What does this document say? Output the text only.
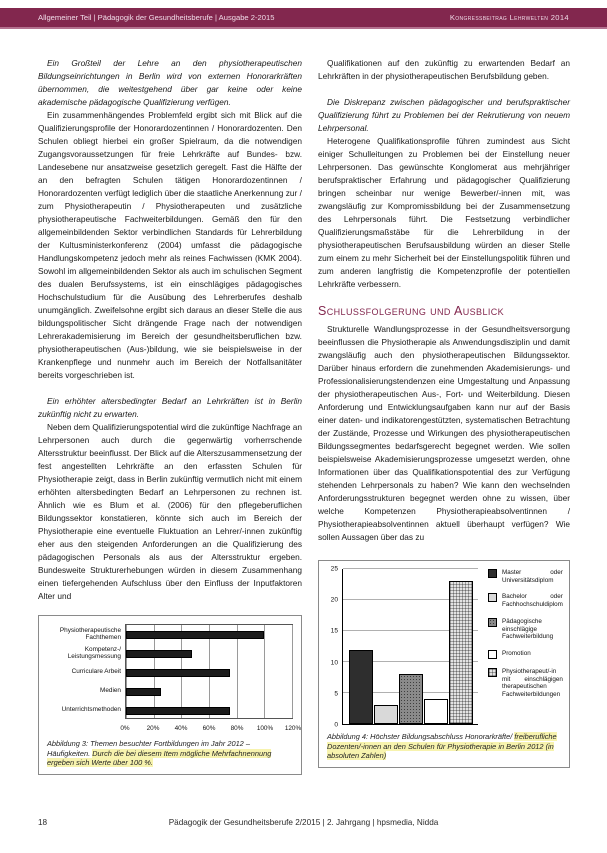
Allgemeiner Teil | Pädagogik der Gesundheitsberufe | Ausgabe 2-2015	Kongressbeitrag Lehrwelten 2014

Ein Großteil der Lehre an den physiotherapeutischen Bildungseinrichtungen in Berlin wird von externen Honorarkräften übernommen, die weitestgehend über gar keine oder keine akademische pädagogische Qualifizierung verfügen.

Ein zusammenhängendes Problemfeld ergibt sich mit Blick auf die Qualifizierungsprofile der Honorardozentinnen / Honorardozenten. Den Schulen obliegt hierbei ein großer Spielraum, da die notwendigen Zugangsvoraussetzungen für freie Lehrkräfte auf Bundes- bzw. Landesebene nur ansatzweise gesetzlich geregelt. Fast die Hälfte der an den befragten Schulen tätigen Honorardozentinnen / Honorardozenten verfügt lediglich über die staatliche Anerkennung zur / zum Physiotherapeutin / Physiotherapeuten und zusätzliche physiotherapeutische Fachweiterbildungen. Gemäß den für den allgemeinbildenden Sektor verbindlichen Standards für Lehrerbildung der Kultusministerkonferenz (2004) umfasst die pädagogische Handlungskompetenz jedoch mehr als reines Fachwissen (KMK 2004). Sowohl im allgemeinbildenden Sektor als auch im schulischen Segment des dualen Berufssystems, ist ein einschlägiges pädagogisches Hochschulstudium für die Ausübung des Lehrerberufes deshalb unumgänglich. Zweifelsohne ergibt sich daraus an dieser Stelle die aus bildungspolitischer Sicht drängende Frage nach der notwendigen Lehrerakademisierung im Bereich der gesundheitsberuflichen bzw. physiotherapeutischen (Aus-)bildung, wie sie beispielsweise in der Krankenpflege und nunmehr auch im Bereich der Notfallsanitäter bereits vorgeschrieben ist.

Ein erhöhter altersbedingter Bedarf an Lehrkräften ist in Berlin zukünftig nicht zu erwarten.

Neben dem Qualifizierungspotential wird die zukünftige Nachfrage an Lehrpersonen auch durch die gegenwärtig vorherrschende Altersstruktur beeinflusst. Der Blick auf die Alterszusammensetzung der fest angestellten Lehrkräfte an den erfassten Schulen für Physiotherapie zeigt, dass in Berlin zukünftig vermutlich nicht mit einem erhöhten altersbedingten Bedarf an Lehrpersonen zu rechnen ist. Ähnlich wie es Blum et al. (2006) für den pflegeberuflichen Bildungssektor konstatieren, könnte sich auch im Bereich der Physiotherapie eine eventuelle Fluktuation an Lehrer/-innen zukünftig eher aus den steigenden Anforderungen an die Qualifizierung des pädagogischen Personals als aus der Altersstruktur ergeben. Bundesweite Strukturerhebungen würden in diesem Zusammenhang einen tiefergehenden Aufschluss über den Einfluss der Inputfaktoren Alter und

Physiotherapeutische Fachthemen
Kompetenz-/ Leistungsmessung
Curriculare Arbeit
Medien
Unterrichtsmethoden
0%	20% 40% 60% 80% 100% 120%
Abbildung 3: Themen besuchter Fortbildungen im Jahr 2012 – Häufigkeiten. Durch die bei diesem Item mögliche Mehrfachnennung ergeben sich Werte über 100 %.

Qualifikationen auf den zukünftig zu erwartenden Bedarf an Lehrkräften in der physiotherapeutischen Berufsbildung geben.

Die Diskrepanz zwischen pädagogischer und berufspraktischer Qualifizierung führt zu Problemen bei der Rekrutierung von neuem Lehrpersonal.

Heterogene Qualifikationsprofile führen zumindest aus Sicht einiger Schulleitungen zu Problemen bei der Einstellung neuer Lehrpersonen. Das gewünschte Konglomerat aus mehrjähriger berufspraktischer Erfahrung und pädagogischer Qualifizierung bringen scheinbar nur wenige Bewerber/-innen mit, was zwangsläufig zur Kompromissbildung bei der Zusammensetzung des Lehrpersonals führt. Die Festsetzung verbindlicher Qualifizierungsmaßstäbe für die Lehrerbildung in der physiotherapeutischen Berufsausbildung würden an dieser Stelle zum einem zu mehr Sicherheit bei der Einstellungspolitik führen und zum anderen langfristig die Kompetenzprofile der potentiellen Lehrkräfte verbessern.

Schlussfolgerung und Ausblick

Strukturelle Wandlungsprozesse in der Gesundheitsversorgung beeinflussen die Physiotherapie als Anwendungsdisziplin und damit zwangsläufig auch den physiotherapeutischen Bildungssektor. Darüber hinaus erfordern die zunehmenden Akademisierungs- und Professionalisierungstendenzen eine Umgestaltung und Anpassung der physiotherapeutischen Aus-, Fort- und Weiterbildung. Diesen Anforderung und Entwicklungsaufgaben kann nur auf der Basis einer daten- und indikatorengestützten, systematischen Betrachtung der Zustände, Prozesse und Wirkungen des physiotherapeutischen Bildungssegmentes bedarfsgerecht begegnet werden. Wie sollen beispielsweise Akademisierungsprozesse umgesetzt werden, ohne Informationen über das Qualifikationspotential des zur Verfügung stehenden Lehrpersonals zu haben? Wie kann den wechselnden Anforderungsstrukturen begegnet werden ohne zu wissen, über welche Kompetenzen Physiotherapieabsolventinnen / Physiotherapieabsolventinnen aktuell überhaupt verfügen? Wie sollen Aussagen über das zu

0
5
10
15
20
25	Master oder Universitätsdiplom
Bachelor oder Fachhochschuldiplom
Pädagogische einschlägige Fachweiterbildung
Promotion
Physiotherapeut/-in mit einschlägigen therapeutischen Fachweiterbildungen
Abbildung 4: Höchster Bildungsabschluss Honorarkräfte/ freiberufliche Dozenten/-innen an den Schulen für Physiotherapie in Berlin 2012 (in absoluten Zahlen)
18	Pädagogik der Gesundheitsberufe 2/2015 | 2. Jahrgang | hpsmedia, Nidda
